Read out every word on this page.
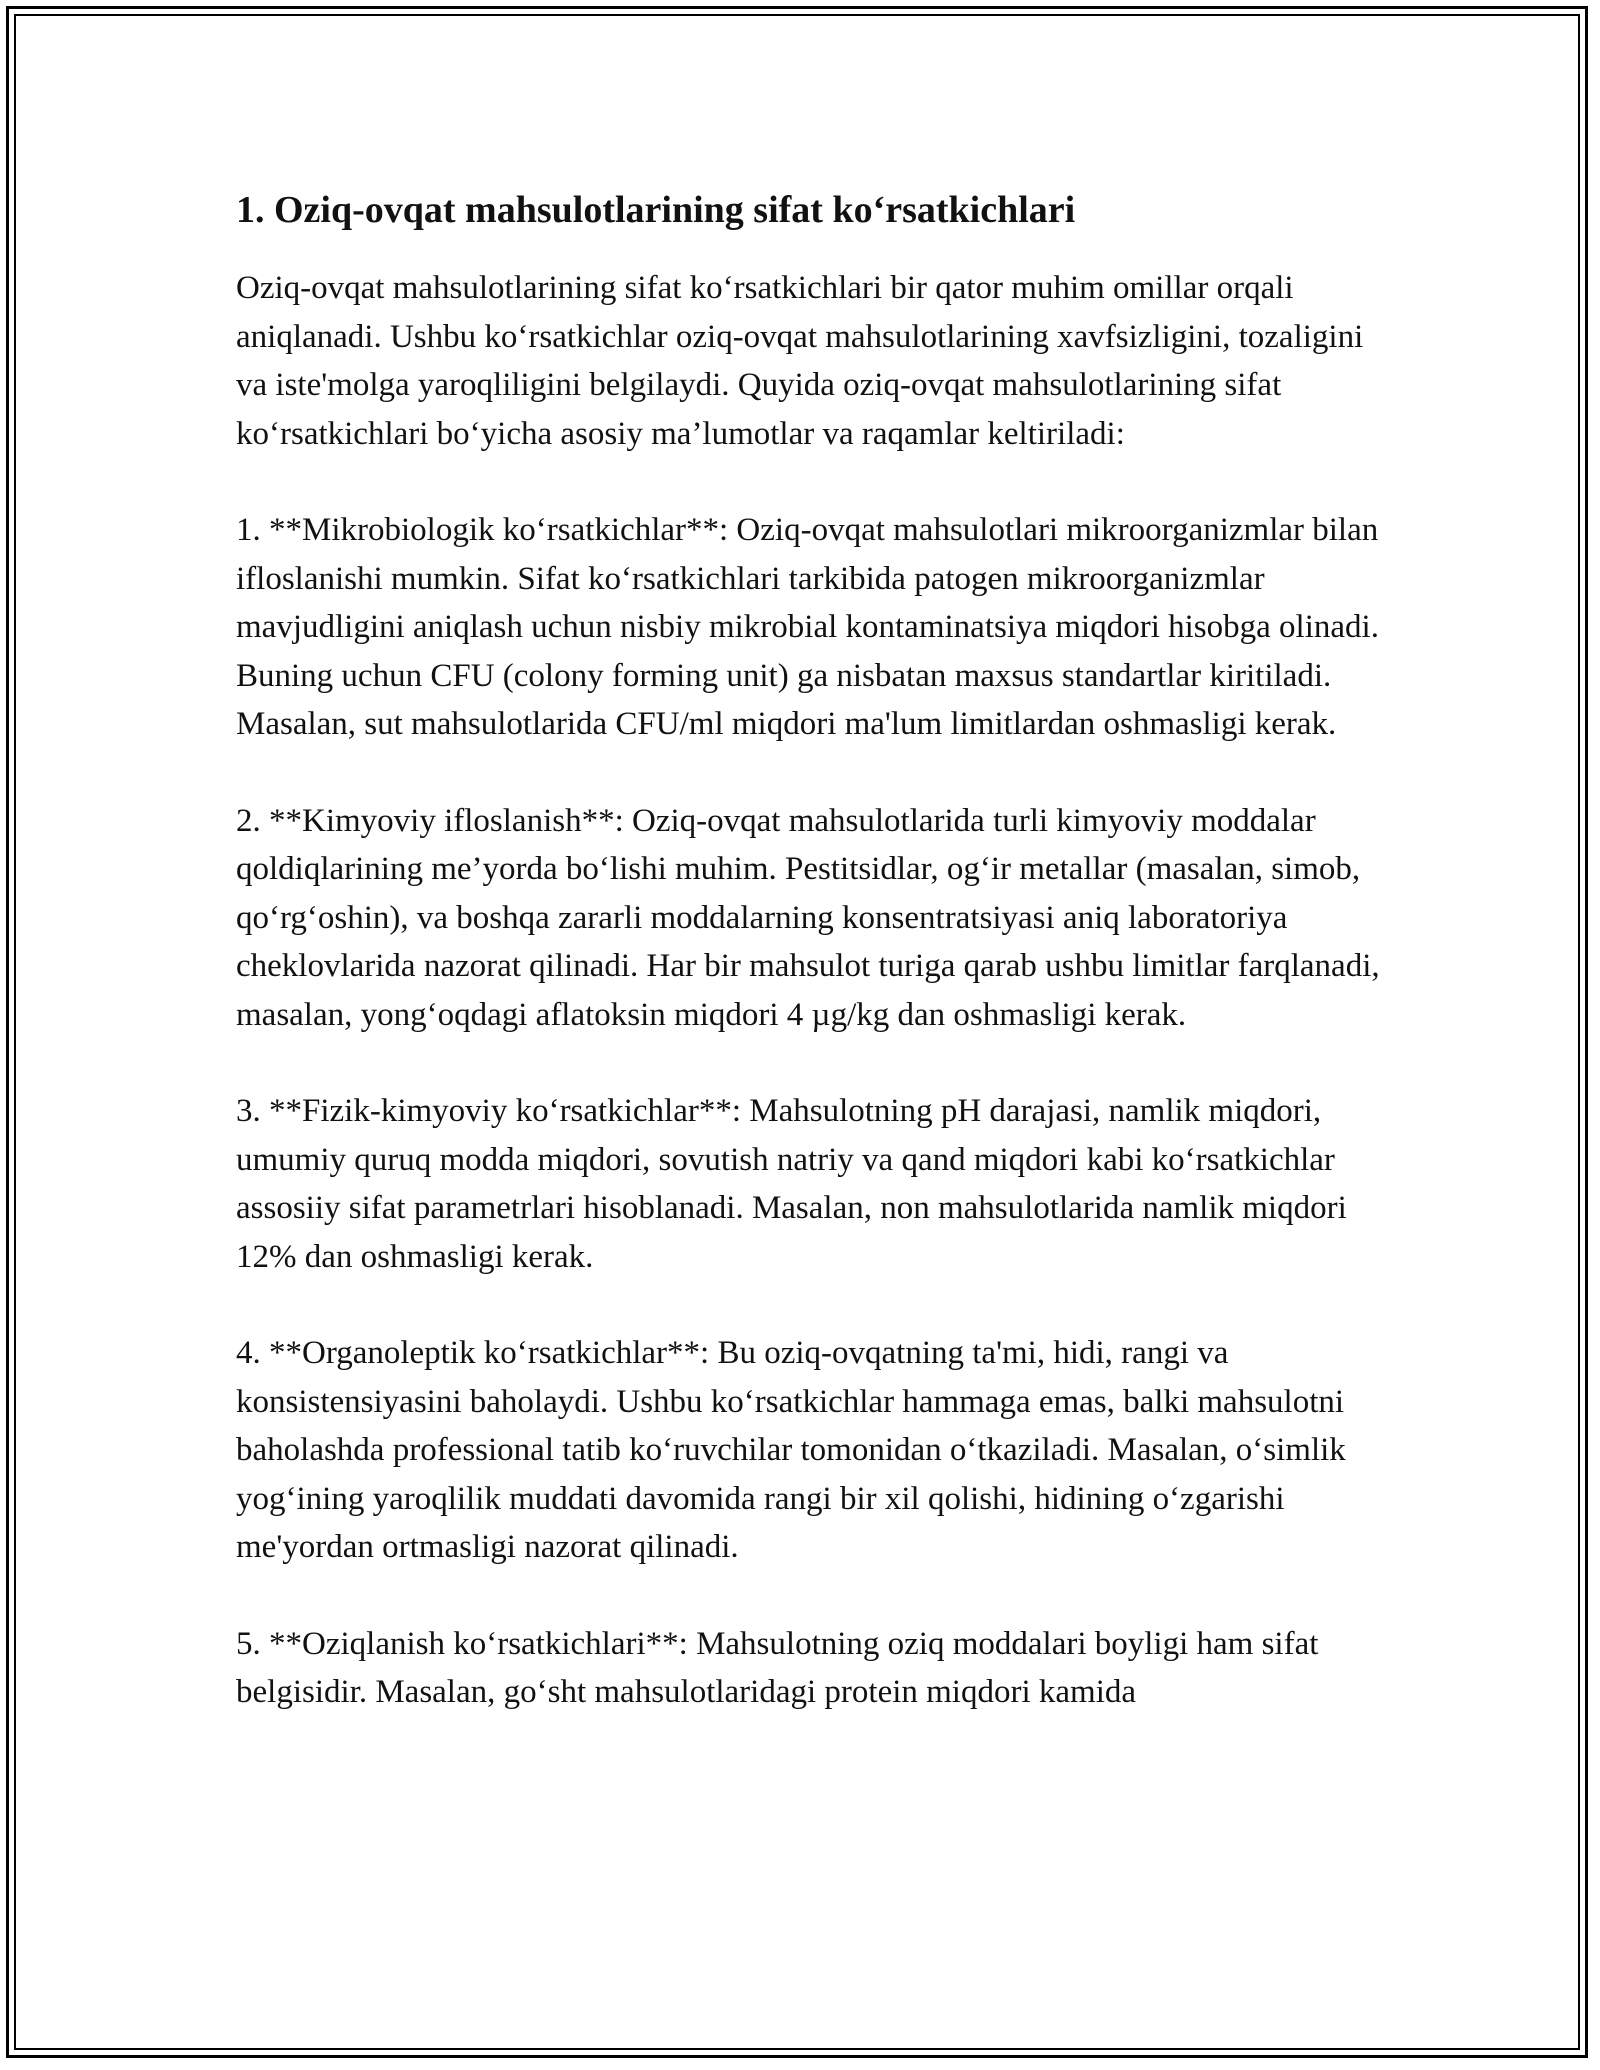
1. Oziq-ovqat mahsulotlarining sifat ko‘rsatkichlari

Oziq-ovqat mahsulotlarining sifat ko‘rsatkichlari bir qator muhim omillar orqali aniqlanadi. Ushbu ko‘rsatkichlar oziq-ovqat mahsulotlarining xavfsizligini, tozaligini va iste'molga yaroqliligini belgilaydi. Quyida oziq-ovqat mahsulotlarining sifat ko‘rsatkichlari bo‘yicha asosiy ma’lumotlar va raqamlar keltiriladi:

1. **Mikrobiologik ko‘rsatkichlar**: Oziq-ovqat mahsulotlari mikroorganizmlar bilan ifloslanishi mumkin. Sifat ko‘rsatkichlari tarkibida patogen mikroorganizmlar mavjudligini aniqlash uchun nisbiy mikrobial kontaminatsiya miqdori hisobga olinadi. Buning uchun CFU (colony forming unit) ga nisbatan maxsus standartlar kiritiladi. Masalan, sut mahsulotlarida CFU/ml miqdori ma'lum limitlardan oshmasligi kerak.

2. **Kimyoviy ifloslanish**: Oziq-ovqat mahsulotlarida turli kimyoviy moddalar qoldiqlarining me’yorda bo‘lishi muhim. Pestitsidlar, og‘ir metallar (masalan, simob, qo‘rg‘oshin), va boshqa zararli moddalarning konsentratsiyasi aniq laboratoriya cheklovlarida nazorat qilinadi. Har bir mahsulot turiga qarab ushbu limitlar farqlanadi, masalan, yong‘oqdagi aflatoksin miqdori 4 µg/kg dan oshmasligi kerak.

3. **Fizik-kimyoviy ko‘rsatkichlar**: Mahsulotning pH darajasi, namlik miqdori, umumiy quruq modda miqdori, sovutish natriy va qand miqdori kabi ko‘rsatkichlar assosiiy sifat parametrlari hisoblanadi. Masalan, non mahsulotlarida namlik miqdori 12% dan oshmasligi kerak.

4. **Organoleptik ko‘rsatkichlar**: Bu oziq-ovqatning ta'mi, hidi, rangi va konsistensiyasini baholaydi. Ushbu ko‘rsatkichlar hammaga emas, balki mahsulotni baholashda professional tatib ko‘ruvchilar tomonidan o‘tkaziladi. Masalan, o‘simlik yog‘ining yaroqlilik muddati davomida rangi bir xil qolishi, hidining o‘zgarishi me'yordan ortmasligi nazorat qilinadi.

5. **Oziqlanish ko‘rsatkichlari**: Mahsulotning oziq moddalari boyligi ham sifat belgisidir. Masalan, go‘sht mahsulotlaridagi protein miqdori kamida
